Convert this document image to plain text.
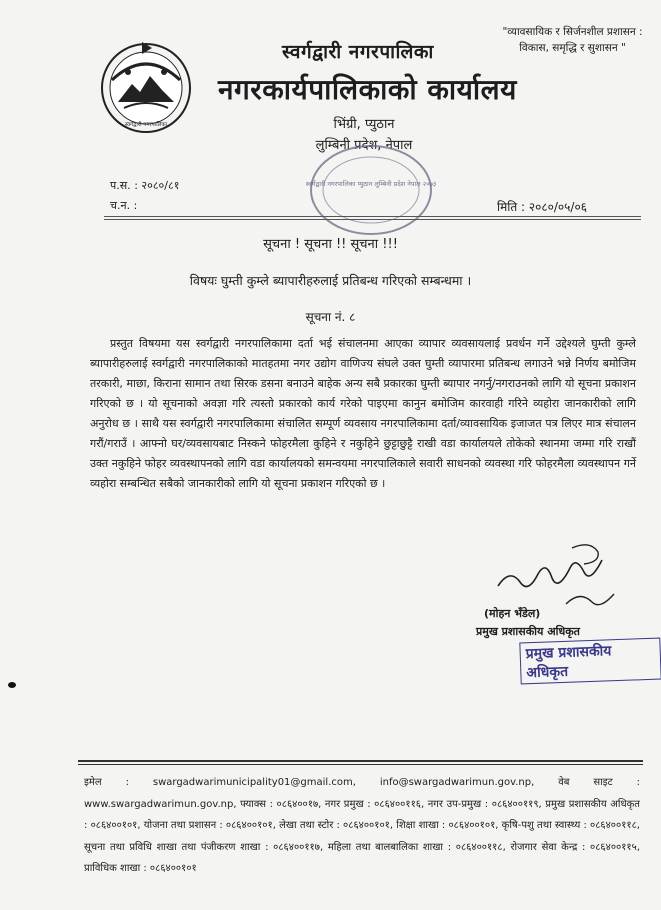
"व्यावसायिक र सिर्जनशील प्रशासन :
विकास, समृद्धि र सुशासन "
स्वर्गद्वारी नगरपालिका
स्वर्गद्वारी नगरपालिका
नगरकार्यपालिकाको कार्यालय
भिंग्री, प्युठान
लुम्बिनी प्रदेश, नेपाल
स्वर्गद्वारी नगरपालिका प्युठान लुम्बिनी प्रदेश नेपाल २०७३
प.स. : २०८०/८१
च.न. :	मिति : २०८०/०५/०६
सूचना ! सूचना !! सूचना !!!
विषयः घुम्ती कुम्ले ब्यापारीहरुलाई प्रतिबन्ध गरिएको सम्बन्धमा ।
सूचना नं. ८
प्रस्तुत विषयमा यस स्वर्गद्वारी नगरपालिकामा दर्ता भई संचालनमा आएका व्यापार व्यवसायलाई प्रवर्धन गर्ने उद्देश्यले घुम्ती कुम्ले ब्यापारीहरुलाई स्वर्गद्वारी नगरपालिकाको मातहतमा नगर उद्योग वाणिज्य संघले उक्त घुम्ती व्यापारमा प्रतिबन्ध लगाउने भन्ने निर्णय बमोजिम तरकारी, माछा, किराना सामान तथा सिरक डसना बनाउने बाहेक अन्य सबै प्रकारका घुम्ती ब्यापार नगर्नु/नगराउनको लागि यो सूचना प्रकाशन गरिएको छ । यो सूचनाको अवज्ञा गरि त्यस्तो प्रकारको कार्य गरेको पाइएमा कानुन बमोजिम कारवाही गरिने व्यहोरा जानकारीको लागि अनुरोध छ । साथै यस स्वर्गद्वारी नगरपालिकामा संचालित सम्पूर्ण व्यवसाय नगरपालिकामा दर्ता/व्यावसायिक इजाजत पत्र लिएर मात्र संचालन गरौं/गराउँ । आफ्नो घर/व्यवसायबाट निस्कने फोहरमैला कुहिने र नकुहिने छुट्टाछुट्टै राखी वडा कार्यालयले तोकेको स्थानमा जम्मा गरि राखौं उक्त नकुहिने फोहर व्यवस्थापनको लागि वडा कार्यालयको समन्वयमा नगरपालिकाले सवारी साधनको व्यवस्था गरि फोहरमैला व्यवस्थापन गर्ने व्यहोरा सम्बन्धित सबैको जानकारीको लागि यो सूचना प्रकाशन गरिएको छ ।
(मोहन भँडेल)
प्रमुख प्रशासकीय अधिकृत
प्रमुख प्रशासकीय अधिकृत
इमेल : swargadwarimunicipality01@gmail.com, info@swargadwarimun.gov.np, वेब साइट : www.swargadwarimun.gov.np, फ्याक्स : ०८६४००१७, नगर प्रमुख : ०८६४००११६, नगर उप-प्रमुख : ०८६४००११९, प्रमुख प्रशासकीय अधिकृत : ०८६४००१०१, योजना तथा प्रशासन : ०८६४००१०१, लेखा तथा स्टोर : ०८६४००१०१, शिक्षा शाखा : ०८६४००१०१, कृषि-पशु तथा स्वास्थ्य : ०८६४००११८, सूचना तथा प्रविधि शाखा तथा पंजीकरण शाखा : ०८६४००११७, महिला तथा बालबालिका शाखा : ०८६४००११८, रोजगार सेवा केन्द्र : ०८६४००११५, प्राविधिक शाखा : ०८६४००१०१
